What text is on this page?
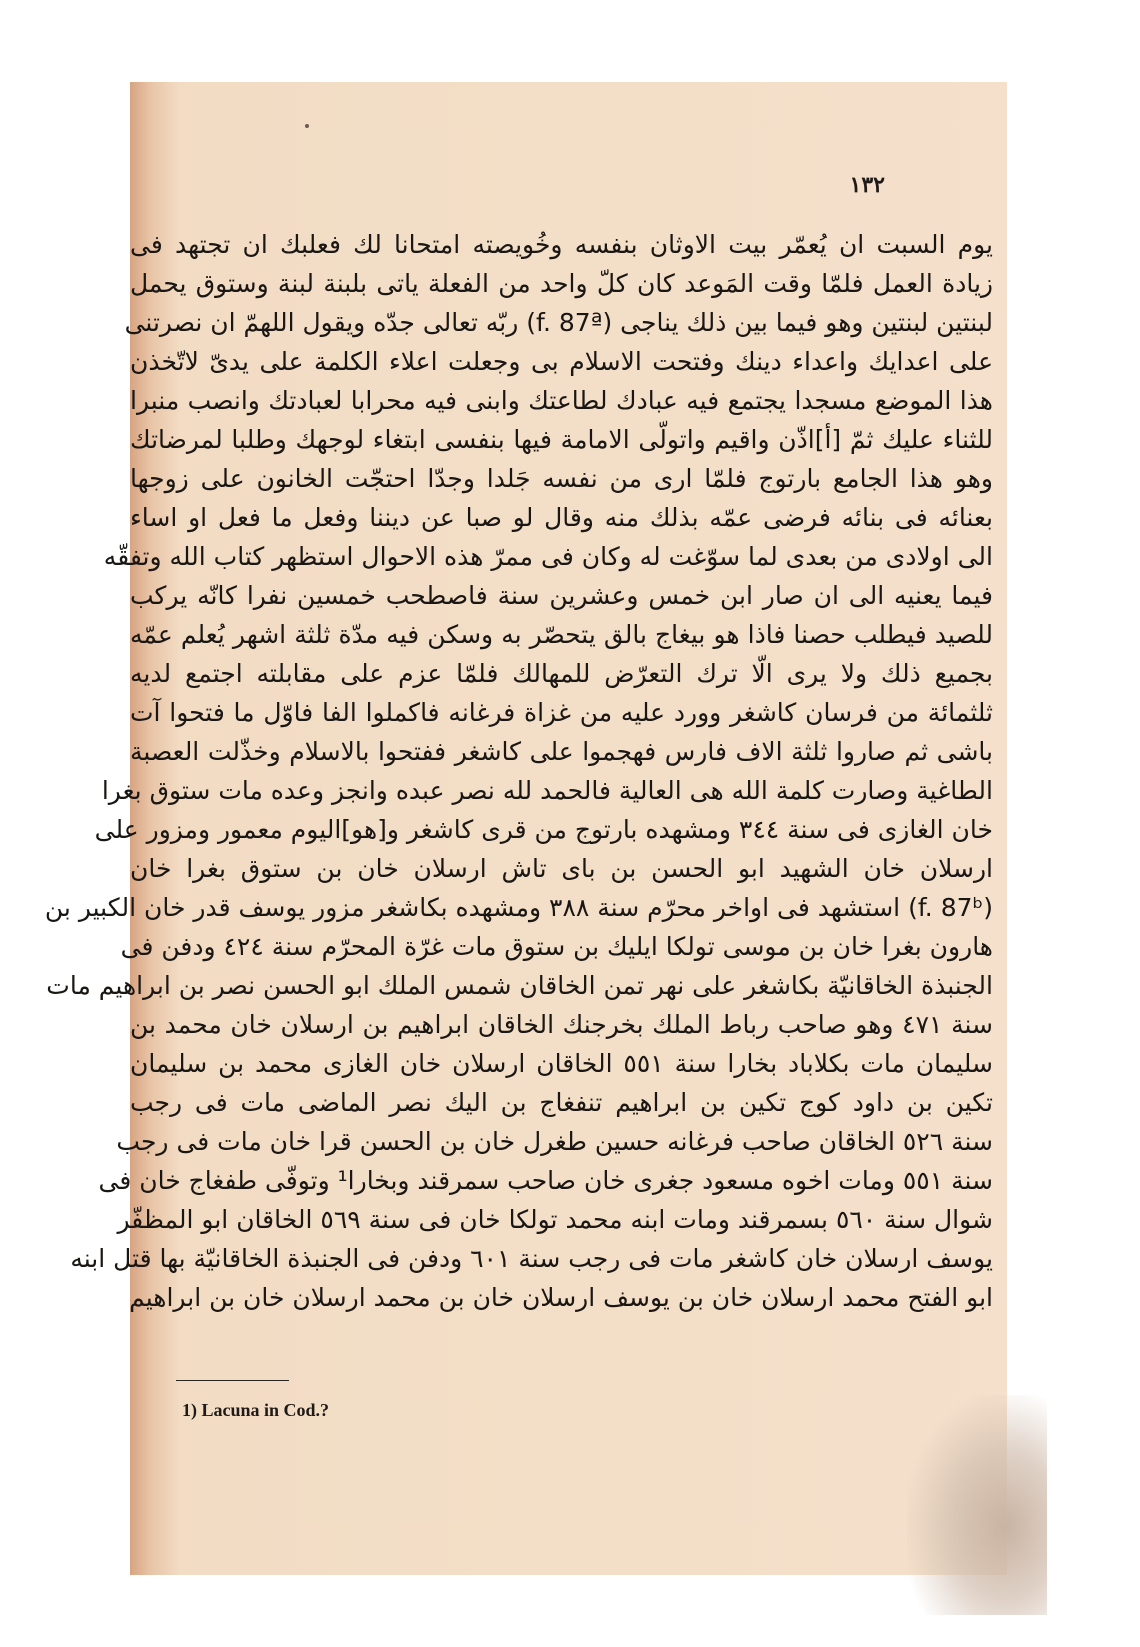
١٣٢
يوم السبت ان يُعمّر بيت الاوثان بنفسه وخُويصته امتحانا لك فعلبك ان تجتهد فى
زيادة العمل فلمّا وقت المَوعد كان كلّ واحد من الفعلة ياتى بلبنة لبنة وستوق يحمل
لبنتين لبنتين وهو فيما بين ذلك يناجى (f. 87ª) ربّه تعالى جدّه ويقول اللهمّ ان نصرتنى
على اعدايك واعداء دينك وفتحت الاسلام بى وجعلت اعلاء الكلمة على يدىّ لاتّخذن
هذا الموضع مسجدا يجتمع فيه عبادك لطاعتك وابنى فيه محرابا لعبادتك وانصب منبرا
للثناء عليك ثمّ [أ]اذّن واقيم واتولّى الامامة فيها بنفسى ابتغاء لوجهك وطلبا لمرضاتك
وهو هذا الجامع بارتوج فلمّا ارى من نفسه جَلدا وجدّا احتجّت الخانون على زوجها
بعنائه فى بنائه فرضى عمّه بذلك منه وقال لو صبا عن ديننا وفعل ما فعل او اساء
الى اولادى من بعدى لما سوّغت له وكان فى ممرّ هذه الاحوال استظهر كتاب الله وتفقّه
فيما يعنيه الى ان صار ابن خمس وعشرين سنة فاصطحب خمسين نفرا كانّه يركب
للصيد فيطلب حصنا فاذا هو بيغاج بالق يتحصّر به وسكن فيه مدّة ثلثة اشهر يُعلم عمّه
بجميع ذلك ولا يرى الّا ترك التعرّض للمهالك فلمّا عزم على مقابلته اجتمع لديه
ثلثمائة من فرسان كاشغر وورد عليه من غزاة فرغانه فاكملوا الفا فاوّل ما فتحوا آت
باشى ثم صاروا ثلثة الاف فارس فهجموا على كاشغر ففتحوا بالاسلام وخذّلت العصبة
الطاغية وصارت كلمة الله هى العالية فالحمد لله نصر عبده وانجز وعده مات ستوق بغرا
خان الغازى فى سنة ٣٤٤ ومشهده بارتوج من قرى كاشغر و[هو]اليوم معمور ومزور على
ارسلان خان الشهيد ابو الحسن بن باى تاش ارسلان خان بن ستوق بغرا خان
(f. 87ᵇ) استشهد فى اواخر محرّم سنة ٣٨٨ ومشهده بكاشغر مزور يوسف قدر خان الكبير بن
هارون بغرا خان بن موسى تولكا ايليك بن ستوق مات غرّة المحرّم سنة ٤٢٤ ودفن فى
الجنبذة الخاقانيّة بكاشغر على نهر تمن الخاقان شمس الملك ابو الحسن نصر بن ابراهيم مات
سنة ٤٧١ وهو صاحب رباط الملك بخرجنك الخاقان ابراهيم بن ارسلان خان محمد بن
سليمان مات بكلاباد بخارا سنة ٥٥١ الخاقان ارسلان خان الغازى محمد بن سليمان
تكين بن داود كوج تكين بن ابراهيم تنفغاج بن اليك نصر الماضى مات فى رجب
سنة ٥٢٦ الخاقان صاحب فرغانه حسين طغرل خان بن الحسن قرا خان مات فى رجب
سنة ٥٥١ ومات اخوه مسعود جغرى خان صاحب سمرقند وبخارا¹ وتوفّى طفغاج خان فى
شوال سنة ٥٦٠ بسمرقند ومات ابنه محمد تولكا خان فى سنة ٥٦٩ الخاقان ابو المظفّر
يوسف ارسلان خان كاشغر مات فى رجب سنة ٦٠١ ودفن فى الجنبذة الخاقانيّة بها قتل ابنه
ابو الفتح محمد ارسلان خان بن يوسف ارسلان خان بن محمد ارسلان خان بن ابراهيم
1) Lacuna in Cod.?
